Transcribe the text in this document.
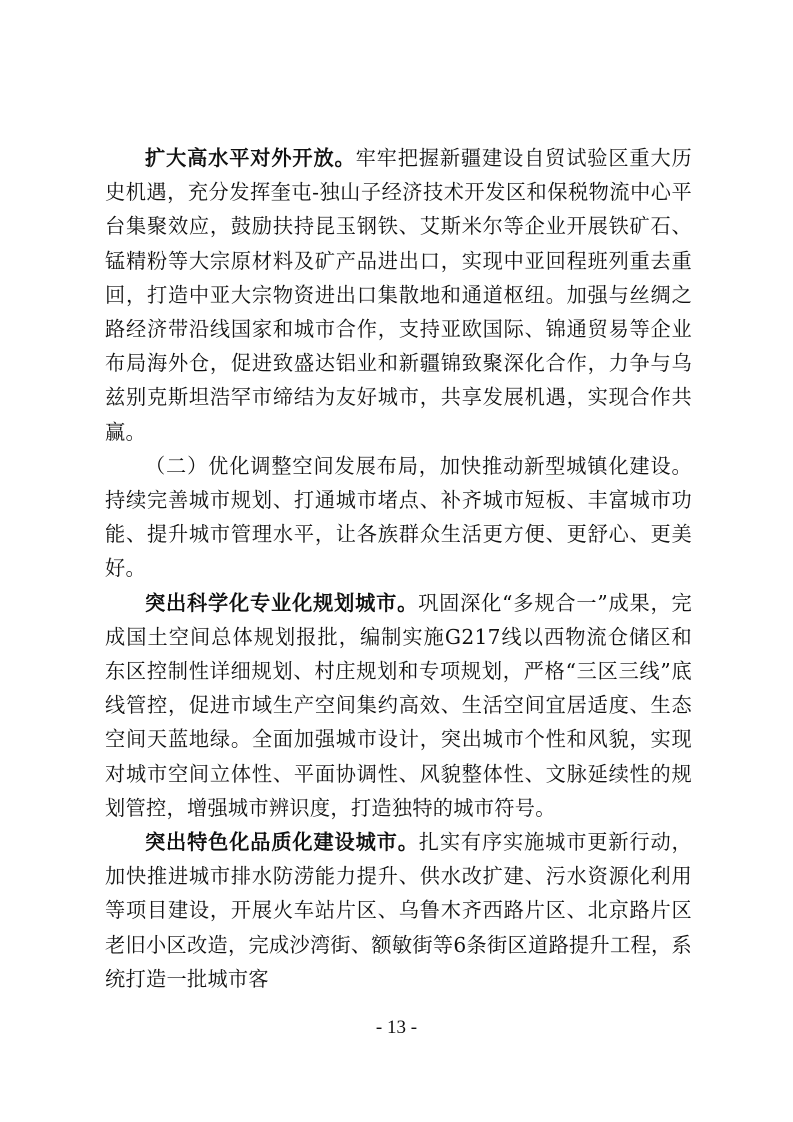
扩大高水平对外开放。牢牢把握新疆建设自贸试验区重大历史机遇，充分发挥奎屯-独山子经济技术开发区和保税物流中心平台集聚效应，鼓励扶持昆玉钢铁、艾斯米尔等企业开展铁矿石、锰精粉等大宗原材料及矿产品进出口，实现中亚回程班列重去重回，打造中亚大宗物资进出口集散地和通道枢纽。加强与丝绸之路经济带沿线国家和城市合作，支持亚欧国际、锦通贸易等企业布局海外仓，促进致盛达铝业和新疆锦致聚深化合作，力争与乌兹别克斯坦浩罕市缔结为友好城市，共享发展机遇，实现合作共赢。

（二）优化调整空间发展布局，加快推动新型城镇化建设。持续完善城市规划、打通城市堵点、补齐城市短板、丰富城市功能、提升城市管理水平，让各族群众生活更方便、更舒心、更美好。

突出科学化专业化规划城市。巩固深化“多规合一”成果，完成国土空间总体规划报批，编制实施G217线以西物流仓储区和东区控制性详细规划、村庄规划和专项规划，严格“三区三线”底线管控，促进市域生产空间集约高效、生活空间宜居适度、生态空间天蓝地绿。全面加强城市设计，突出城市个性和风貌，实现对城市空间立体性、平面协调性、风貌整体性、文脉延续性的规划管控，增强城市辨识度，打造独特的城市符号。

突出特色化品质化建设城市。扎实有序实施城市更新行动，加快推进城市排水防涝能力提升、供水改扩建、污水资源化利用等项目建设，开展火车站片区、乌鲁木齐西路片区、北京路片区老旧小区改造，完成沙湾街、额敏街等6条街区道路提升工程，系统打造一批城市客

- 13 -
